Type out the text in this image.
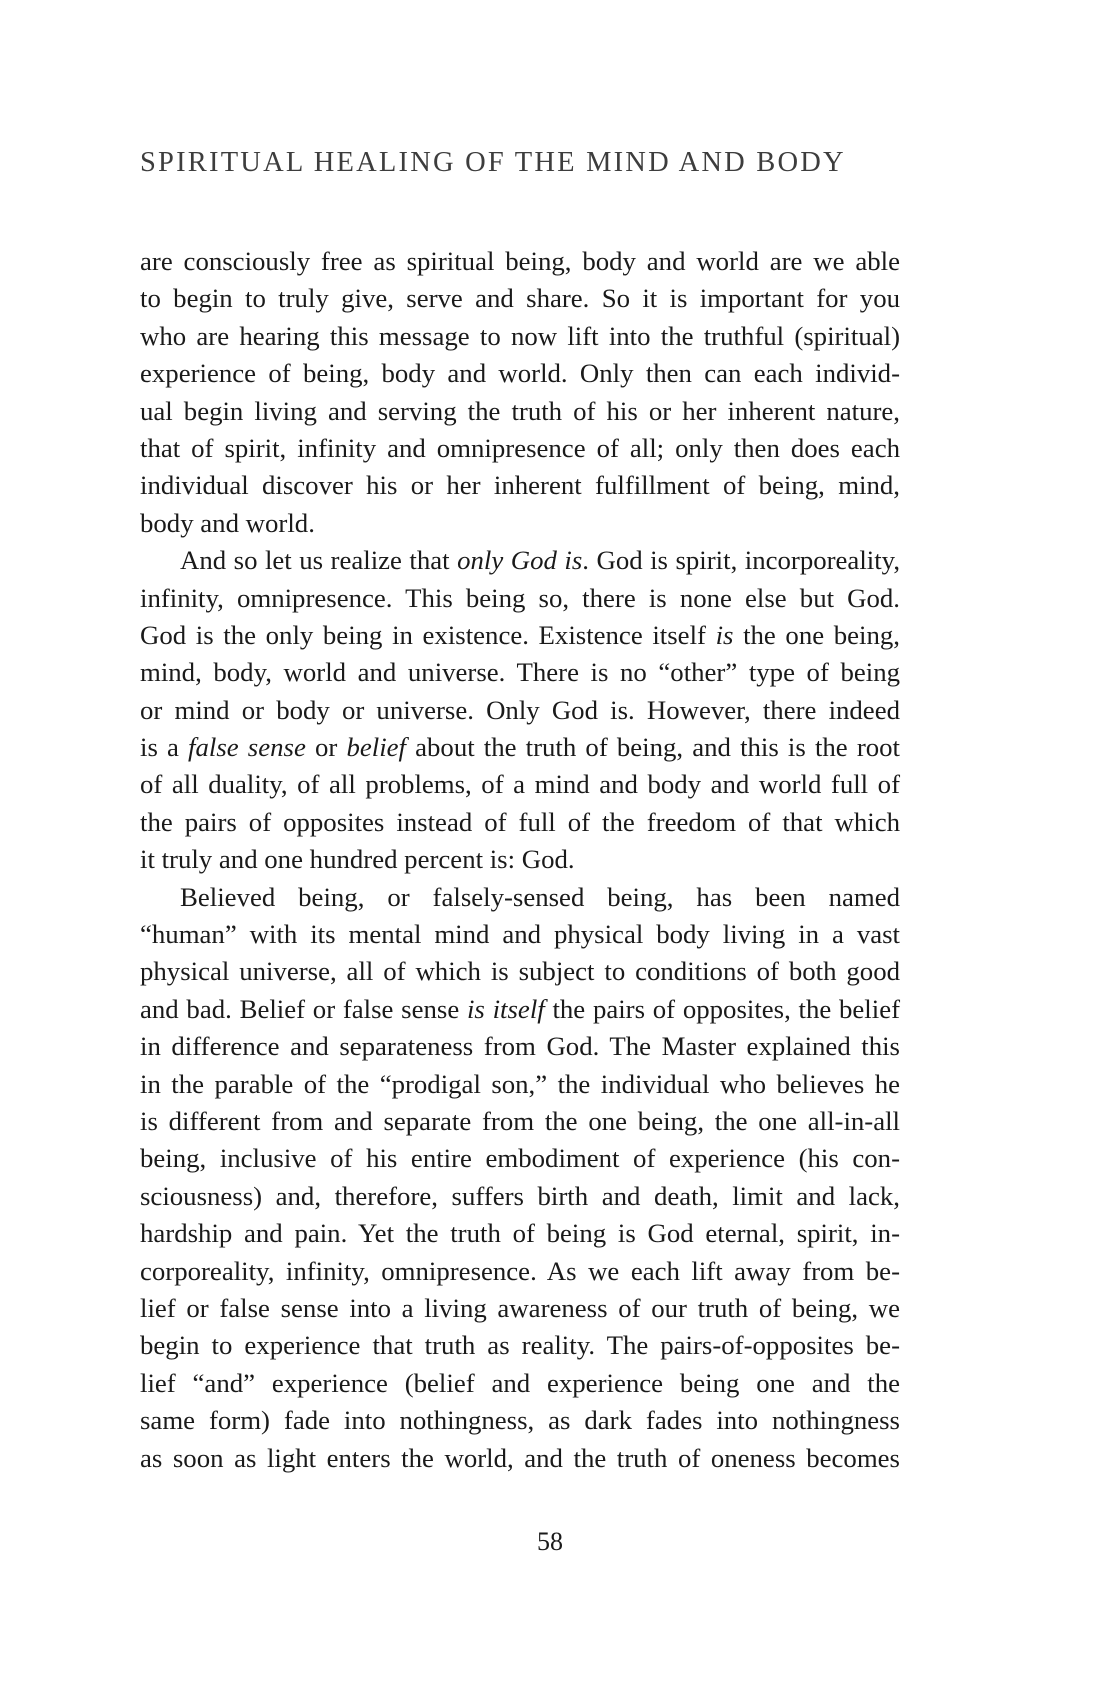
SPIRITUAL HEALING OF THE MIND AND BODY
are consciously free as spiritual being, body and world are we able
to begin to truly give, serve and share. So it is important for you
who are hearing this message to now lift into the truthful (spiritual)
experience of being, body and world. Only then can each individ-
ual begin living and serving the truth of his or her inherent nature,
that of spirit, infinity and omnipresence of all; only then does each
individual discover his or her inherent fulfillment of being, mind,
body and world.
And so let us realize that only God is. God is spirit, incorporeality,
infinity, omnipresence. This being so, there is none else but God.
God is the only being in existence. Existence itself is the one being,
mind, body, world and universe. There is no “other” type of being
or mind or body or universe. Only God is. However, there indeed
is a false sense or belief about the truth of being, and this is the root
of all duality, of all problems, of a mind and body and world full of
the pairs of opposites instead of full of the freedom of that which
it truly and one hundred percent is: God.
Believed being, or falsely-sensed being, has been named
“human” with its mental mind and physical body living in a vast
physical universe, all of which is subject to conditions of both good
and bad. Belief or false sense is itself the pairs of opposites, the belief
in difference and separateness from God. The Master explained this
in the parable of the “prodigal son,” the individual who believes he
is different from and separate from the one being, the one all-in-all
being, inclusive of his entire embodiment of experience (his con-
sciousness) and, therefore, suffers birth and death, limit and lack,
hardship and pain. Yet the truth of being is God eternal, spirit, in-
corporeality, infinity, omnipresence. As we each lift away from be-
lief or false sense into a living awareness of our truth of being, we
begin to experience that truth as reality. The pairs-of-opposites be-
lief “and” experience (belief and experience being one and the
same form) fade into nothingness, as dark fades into nothingness
as soon as light enters the world, and the truth of oneness becomes
58
